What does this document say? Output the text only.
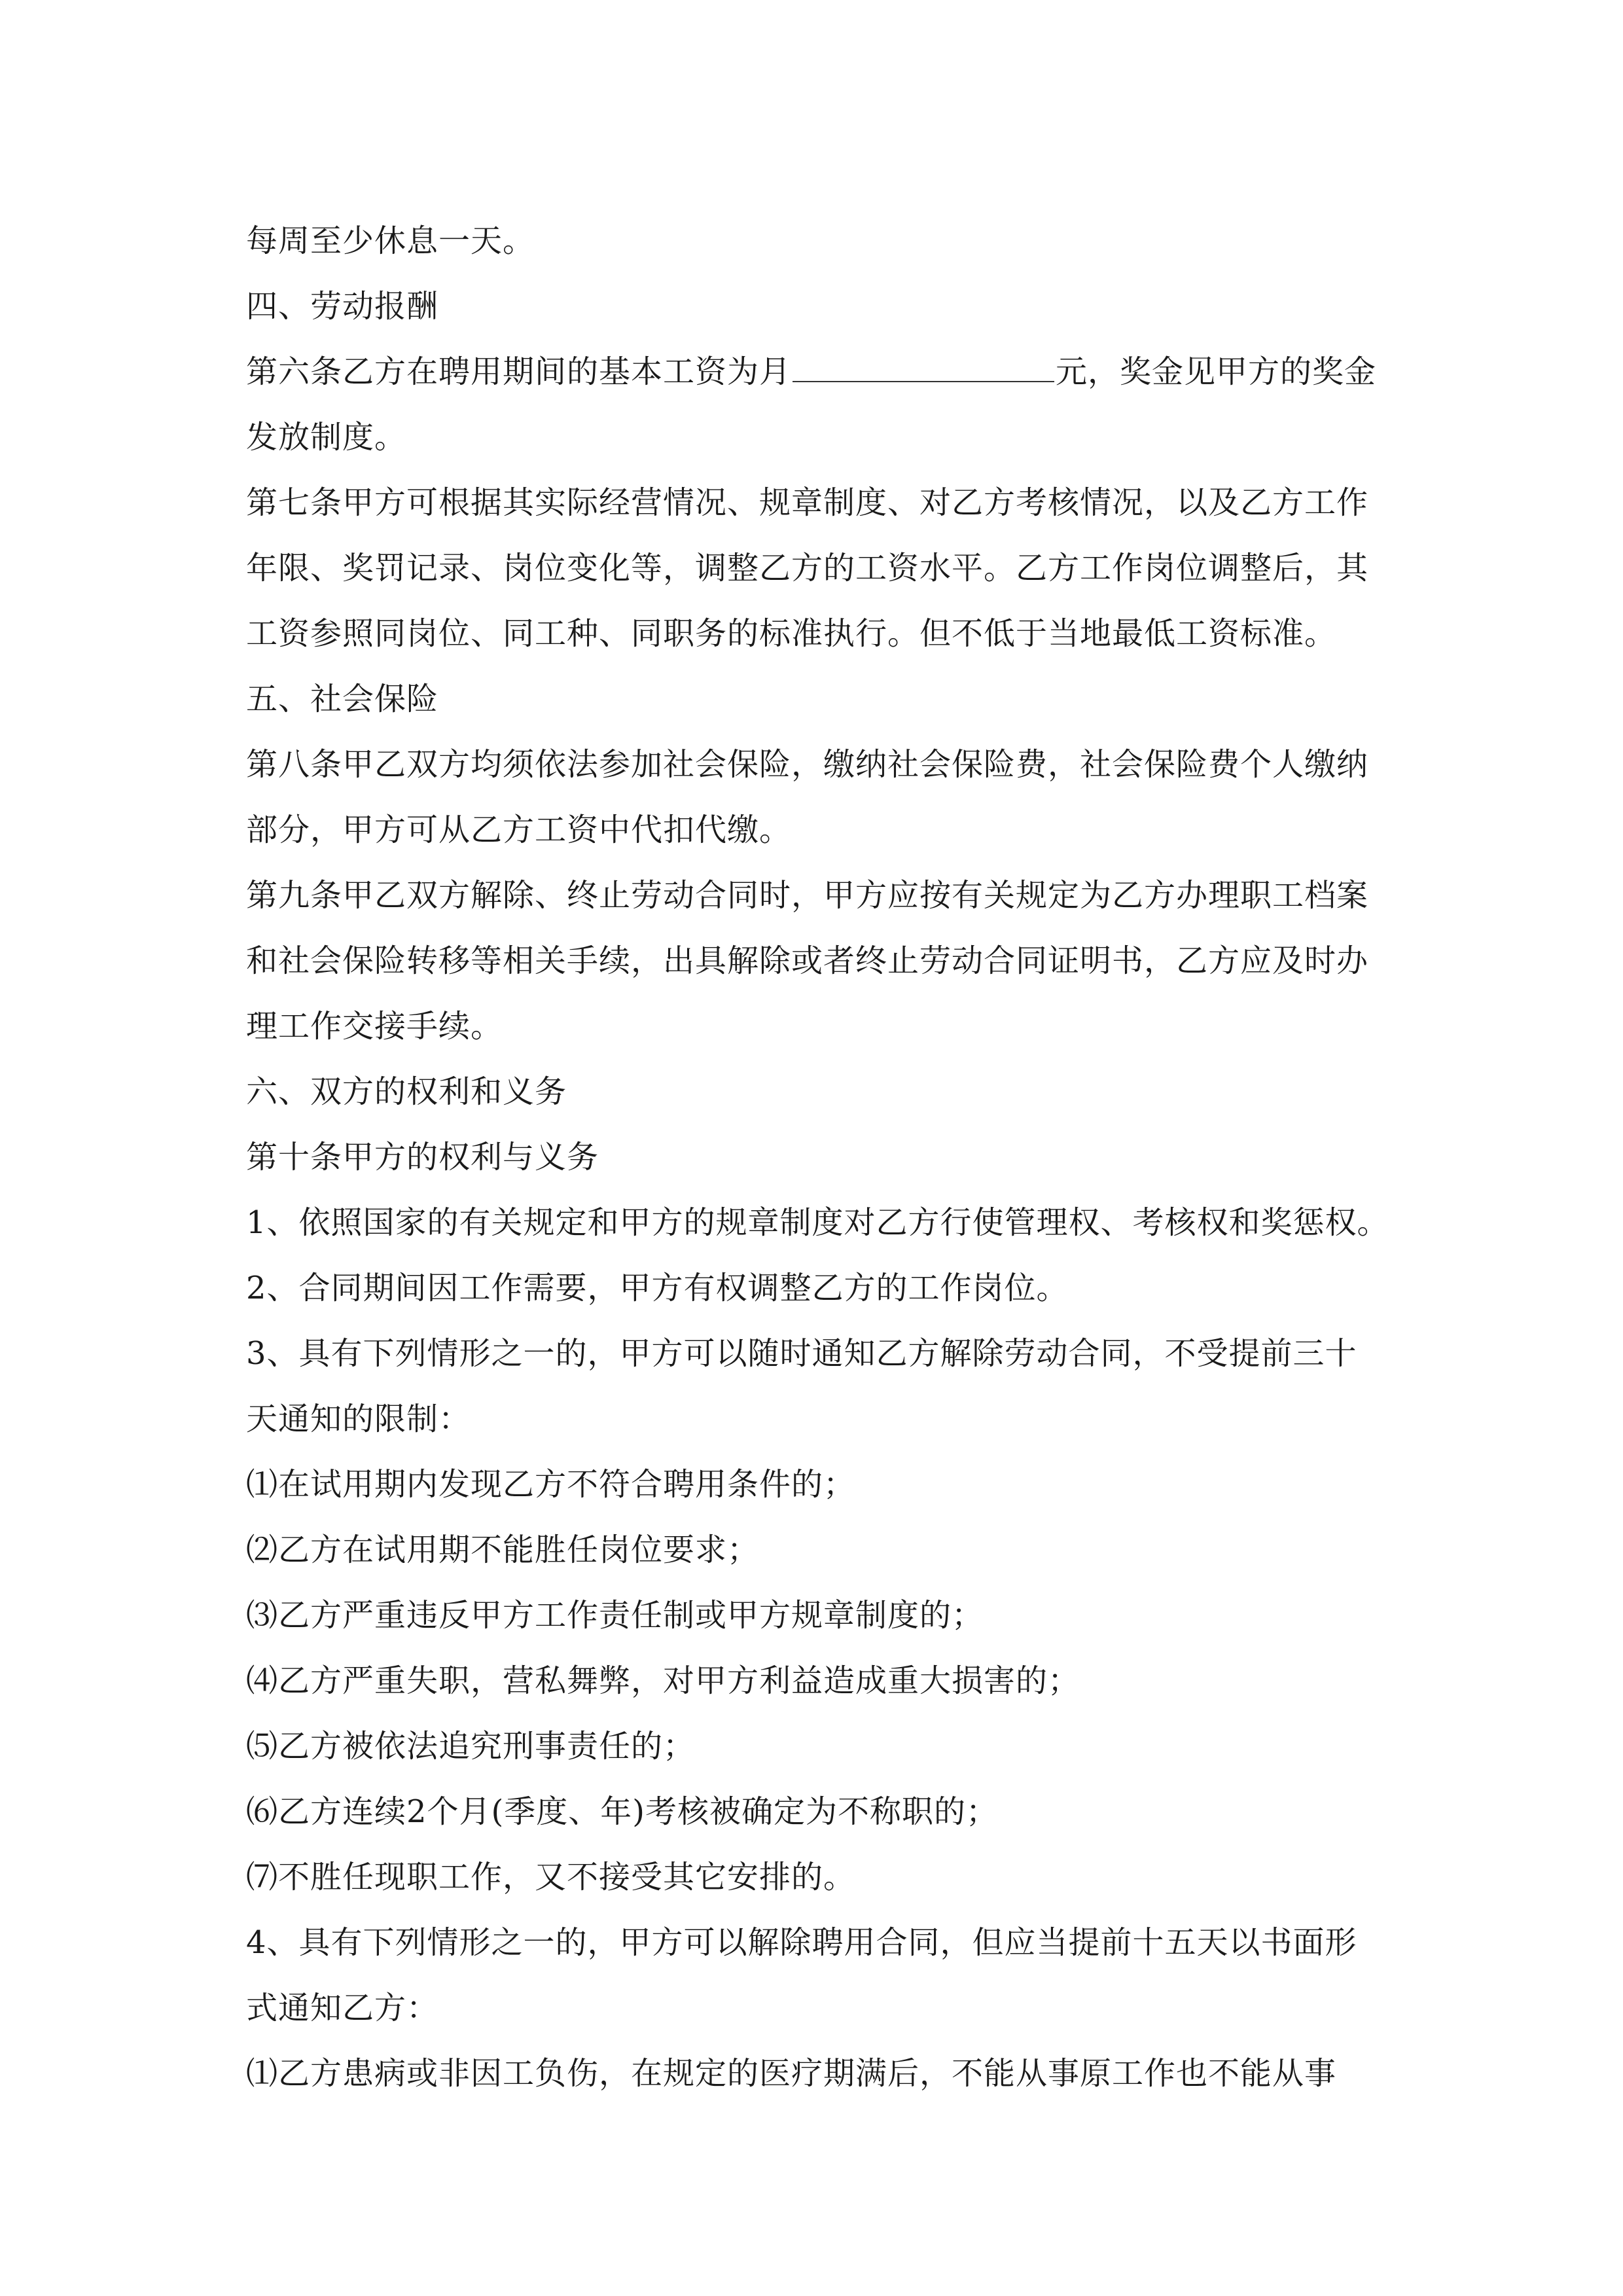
每周至少休息一天。
四、劳动报酬
第六条乙方在聘用期间的基本工资为月	元，奖金见甲方的奖金
发放制度。
第七条甲方可根据其实际经营情况、规章制度、对乙方考核情况，以及乙方工作
年限、奖罚记录、岗位变化等，调整乙方的工资水平。乙方工作岗位调整后，其
工资参照同岗位、同工种、同职务的标准执行。但不低于当地最低工资标准。
五、社会保险
第八条甲乙双方均须依法参加社会保险，缴纳社会保险费，社会保险费个人缴纳
部分，甲方可从乙方工资中代扣代缴。
第九条甲乙双方解除、终止劳动合同时，甲方应按有关规定为乙方办理职工档案
和社会保险转移等相关手续，出具解除或者终止劳动合同证明书，乙方应及时办
理工作交接手续。
六、双方的权利和义务
第十条甲方的权利与义务
1、依照国家的有关规定和甲方的规章制度对乙方行使管理权、考核权和奖惩权。
2、合同期间因工作需要，甲方有权调整乙方的工作岗位。
3、具有下列情形之一的，甲方可以随时通知乙方解除劳动合同，不受提前三十
天通知的限制：
⑴在试用期内发现乙方不符合聘用条件的；
⑵乙方在试用期不能胜任岗位要求；
⑶乙方严重违反甲方工作责任制或甲方规章制度的；
⑷乙方严重失职，营私舞弊，对甲方利益造成重大损害的；
⑸乙方被依法追究刑事责任的；
⑹乙方连续2个月(季度、年)考核被确定为不称职的；
⑺不胜任现职工作，又不接受其它安排的。
4、具有下列情形之一的，甲方可以解除聘用合同，但应当提前十五天以书面形
式通知乙方：
⑴乙方患病或非因工负伤，在规定的医疗期满后，不能从事原工作也不能从事
